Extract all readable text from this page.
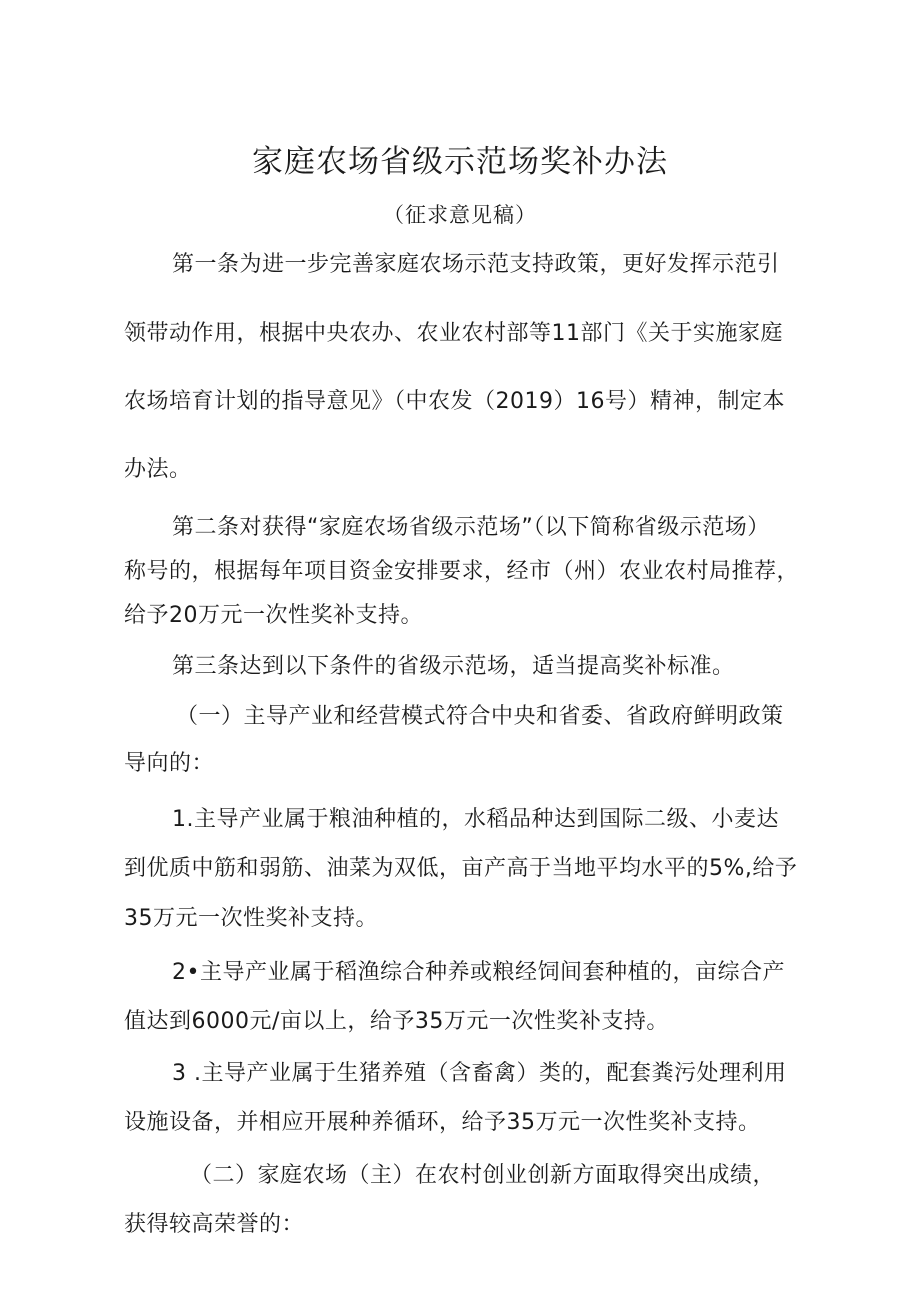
家庭农场省级示范场奖补办法
（征求意见稿）
第一条为进一步完善家庭农场示范支持政策，更好发挥示范引
领带动作用，根据中央农办、农业农村部等11部门《关于实施家庭
农场培育计划的指导意见》（中农发（2019）16号）精神，制定本
办法。
第二条对获得“家庭农场省级示范场”（以下简称省级示范场）
称号的，根据每年项目资金安排要求，经市（州）农业农村局推荐，
给予20万元一次性奖补支持。
第三条达到以下条件的省级示范场，适当提高奖补标准。
（一）主导产业和经营模式符合中央和省委、省政府鲜明政策
导向的：
1.主导产业属于粮油种植的，水稻品种达到国际二级、小麦达
到优质中筋和弱筋、油菜为双低，亩产高于当地平均水平的5%,给予
35万元一次性奖补支持。
2•主导产业属于稻渔综合种养或粮经饲间套种植的，亩综合产
值达到6000元/亩以上，给予35万元一次性奖补支持。
3 .主导产业属于生猪养殖（含畜禽）类的，配套粪污处理利用
设施设备，并相应开展种养循环，给予35万元一次性奖补支持。
（二）家庭农场（主）在农村创业创新方面取得突出成绩，
获得较高荣誉的：
